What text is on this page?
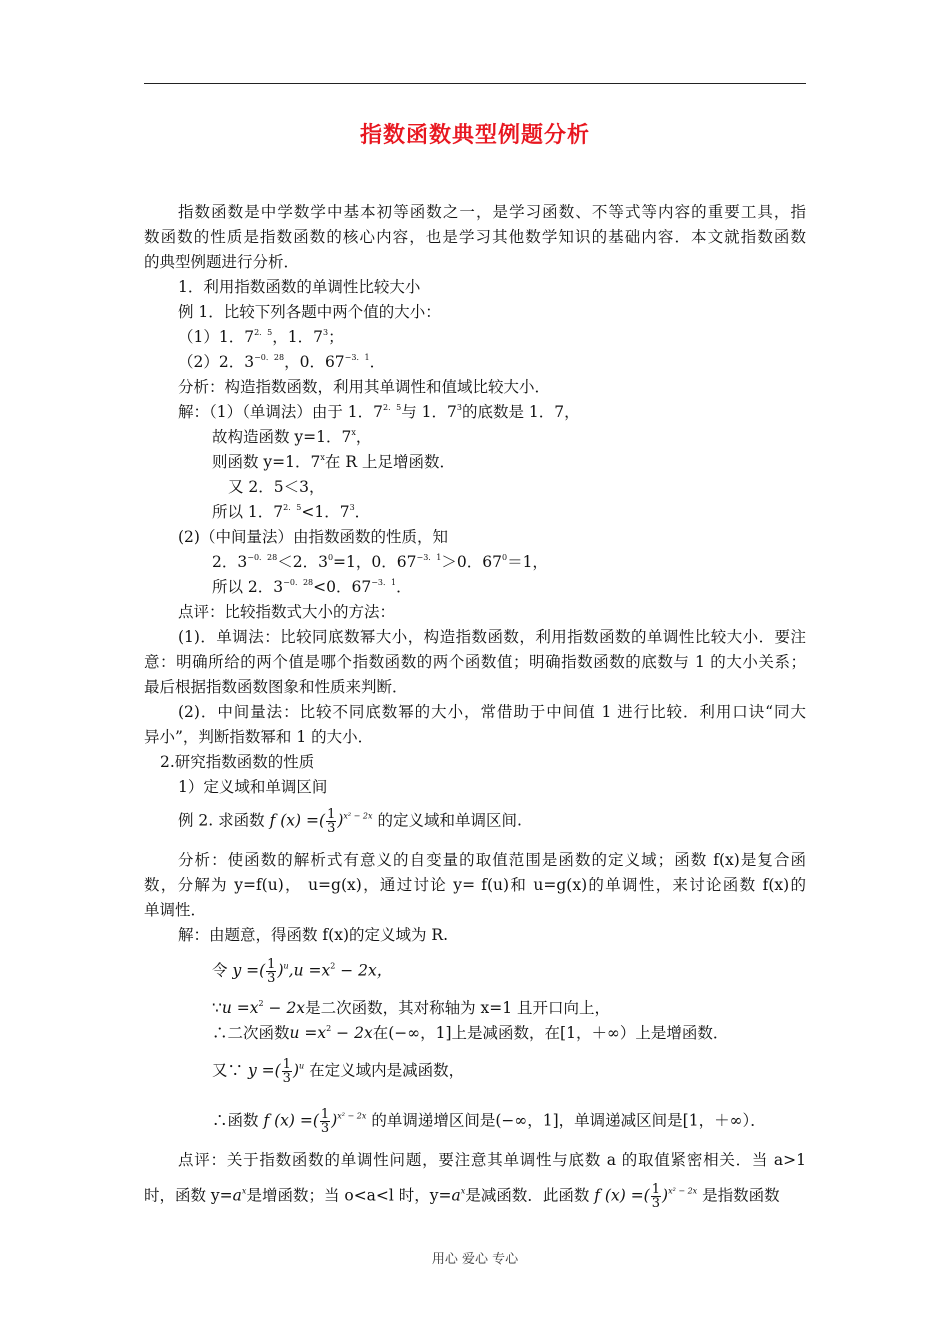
指数函数典型例题分析
指数函数是中学数学中基本初等函数之一，是学习函数、不等式等内容的重要工具，指
数函数的性质是指数函数的核心内容，也是学习其他数学知识的基础内容．本文就指数函数
的典型例题进行分析．
1．利用指数函数的单调性比较大小
例 1．比较下列各题中两个值的大小：
（1）1．$7^{2.5}$，1．$7^3$；
（2）2．$3^{-0.28}$，0．$67^{-3.1}$．
分析：构造指数函数，利用其单调性和值域比较大小．
解：（1）（单调法）由于 1．$7^{2.5}$与 1．$7^3$的底数是 1．7，
故构造函数 y=1．7$^x$，
则函数 y=1．7$^x$在 R 上足增函数．
又 2．5＜3，
所以 1．$7^{2.5}<1$．$7^3$．
(2)（中间量法）由指数函数的性质，知
2．$3^{-0.28}<2$．$3^0=1$，0．$67^{-3.1}>0$．$67^0=1$，
所以 2．$3^{-0.28}<0$．$67^{-3.1}$．
点评：比较指数式大小的方法：
(1)．单调法：比较同底数幂大小，构造指数函数，利用指数函数的单调性比较大小．要注
意：明确所给的两个值是哪个指数函数的两个函数值；明确指数函数的底数与 1 的大小关系；
最后根据指数函数图象和性质来判断．
(2)．中间量法：比较不同底数幂的大小，常借助于中间值 1 进行比较．利用口诀“同大
异小”，判断指数幂和 1 的大小．
2.研究指数函数的性质
1）定义域和单调区间
例 2. 求函数 f (x) =( $\frac{1}{3} )^{x^2 - 2x}$ 的定义域和单调区间.
分析：使函数的解析式有意义的自变量的取值范围是函数的定义域；函数 f(x)是复合函
数，分解为 y=f(u)， u=g(x)，通过讨论 y= f(u)和 u=g(x)的单调性，来讨论函数 f(x)的
单调性．
解：由题意，得函数 f(x)的定义域为 R.
令 y =( $\frac{1}{3} )^u,u =x^2 - 2x$，
∵u $=x^2 - 2x$是二次函数，其对称轴为 x=1 且开口向上，
∴二次函数$u =x^2 - 2x$在(−∞，1]上是减函数，在[1，＋∞）上是增函数．
又∵ y =( $\frac{1}{3} )^u$ 在定义域内是减函数，
∴函数 f (x) =( $\frac{1}{3} )^{x^2 - 2x}$ 的单调递增区间是(−∞，1]，单调递减区间是[1，＋∞）．
点评：关于指数函数的单调性问题，要注意其单调性与底数 a 的取值紧密相关．当 a>1
时，函数 $y=a^x$是增函数；当 o<a<l 时，$y=a^x$是减函数．此函数 f (x) =( $\frac{1}{3} )^{x^2 - 2x}$ 是指数函数
用心 爱心 专心
